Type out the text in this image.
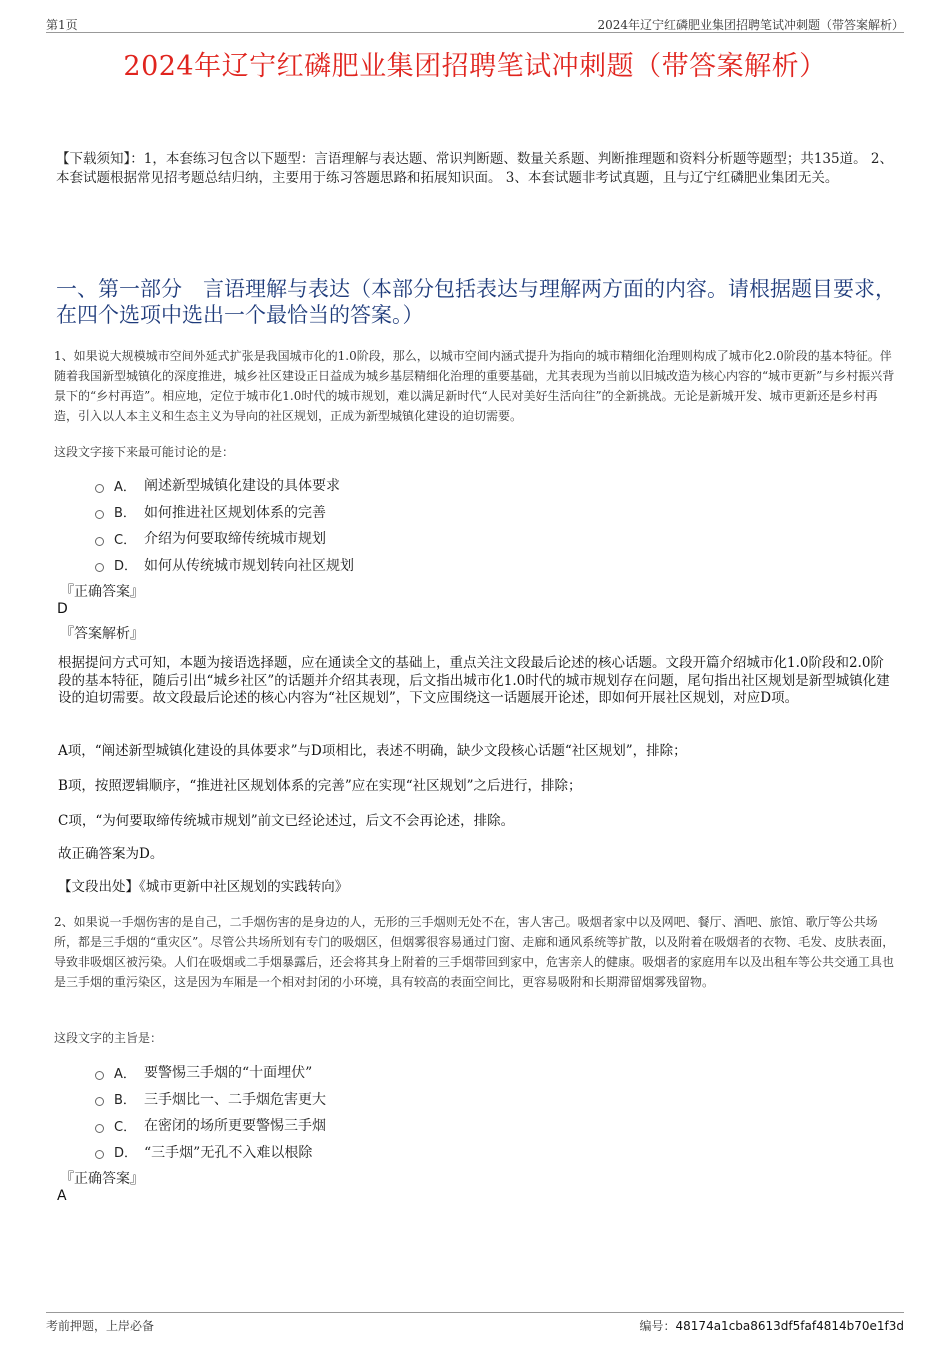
第1页	2024年辽宁红磷肥业集团招聘笔试冲刺题（带答案解析）
2024年辽宁红磷肥业集团招聘笔试冲刺题（带答案解析）
【下载须知】：1，本套练习包含以下题型：言语理解与表达题、常识判断题、数量关系题、判断推理题和资料分析题等题型；共135道。 2、本套试题根据常见招考题总结归纳，主要用于练习答题思路和拓展知识面。 3、本套试题非考试真题，且与辽宁红磷肥业集团无关。
一、第一部分　言语理解与表达（本部分包括表达与理解两方面的内容。请根据题目要求，在四个选项中选出一个最恰当的答案。）
1、如果说大规模城市空间外延式扩张是我国城市化的1.0阶段，那么，以城市空间内涵式提升为指向的城市精细化治理则构成了城市化2.0阶段的基本特征。伴随着我国新型城镇化的深度推进，城乡社区建设正日益成为城乡基层精细化治理的重要基础，尤其表现为当前以旧城改造为核心内容的“城市更新”与乡村振兴背景下的“乡村再造”。相应地，定位于城市化1.0时代的城市规划，难以满足新时代“人民对美好生活向往”的全新挑战。无论是新城开发、城市更新还是乡村再造，引入以人本主义和生态主义为导向的社区规划，正成为新型城镇化建设的迫切需要。
这段文字接下来最可能讨论的是：
A． 阐述新型城镇化建设的具体要求
B． 如何推进社区规划体系的完善
C． 介绍为何要取缔传统城市规划
D． 如何从传统城市规划转向社区规划
『正确答案』
D
『答案解析』
根据提问方式可知，本题为接语选择题，应在通读全文的基础上，重点关注文段最后论述的核心话题。文段开篇介绍城市化1.0阶段和2.0阶段的基本特征，随后引出“城乡社区”的话题并介绍其表现，后文指出城市化1.0时代的城市规划存在问题，尾句指出社区规划是新型城镇化建设的迫切需要。故文段最后论述的核心内容为“社区规划”，下文应围绕这一话题展开论述，即如何开展社区规划，对应D项。
A项，“阐述新型城镇化建设的具体要求”与D项相比，表述不明确，缺少文段核心话题“社区规划”，排除；
B项，按照逻辑顺序，“推进社区规划体系的完善”应在实现“社区规划”之后进行，排除；
C项，“为何要取缔传统城市规划”前文已经论述过，后文不会再论述，排除。
故正确答案为D。
【文段出处】《城市更新中社区规划的实践转向》
2、如果说一手烟伤害的是自己，二手烟伤害的是身边的人，无形的三手烟则无处不在，害人害己。吸烟者家中以及网吧、餐厅、酒吧、旅馆、歌厅等公共场所，都是三手烟的“重灾区”。尽管公共场所划有专门的吸烟区，但烟雾很容易通过门窗、走廊和通风系统等扩散，以及附着在吸烟者的衣物、毛发、皮肤表面，导致非吸烟区被污染。人们在吸烟或二手烟暴露后，还会将其身上附着的三手烟带回到家中，危害亲人的健康。吸烟者的家庭用车以及出租车等公共交通工具也是三手烟的重污染区，这是因为车厢是一个相对封闭的小环境，具有较高的表面空间比，更容易吸附和长期滞留烟雾残留物。
这段文字的主旨是：
A． 要警惕三手烟的“十面埋伏”
B． 三手烟比一、二手烟危害更大
C． 在密闭的场所更要警惕三手烟
D． “三手烟”无孔不入难以根除
『正确答案』
A
考前押题，上岸必备	编号：48174a1cba8613df5faf4814b70e1f3d
